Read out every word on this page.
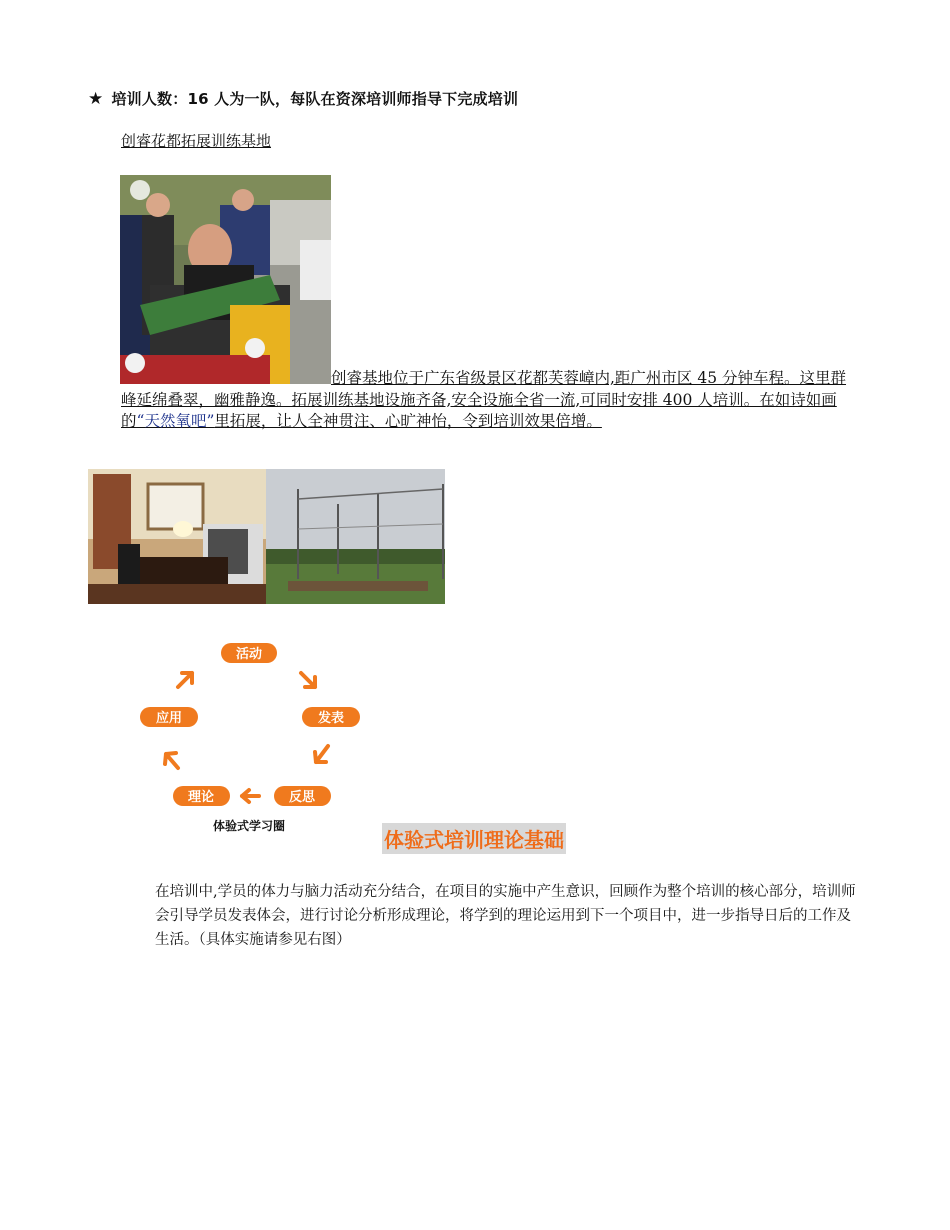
★ 培训人数：16 人为一队，每队在资深培训师指导下完成培训
创睿花都拓展训练基地
创睿基地位于广东省级景区花都芙蓉嶂内,距广州市区 45 分钟车程。这里群峰延绵叠翠，幽雅静逸。拓展训练基地设施齐备,安全设施全省一流,可同时安排 400 人培训。在如诗如画的“天然氧吧”里拓展，让人全神贯注、心旷神怡，令到培训效果倍增。
活动
发表
反思
理论
应用
体验式学习圈
体验式培训理论基础
在培训中,学员的体力与脑力活动充分结合，在项目的实施中产生意识，回顾作为整个培训的核心部分，培训师会引导学员发表体会，进行讨论分析形成理论，将学到的理论运用到下一个项目中，进一步指导日后的工作及生活。（具体实施请参见右图）
